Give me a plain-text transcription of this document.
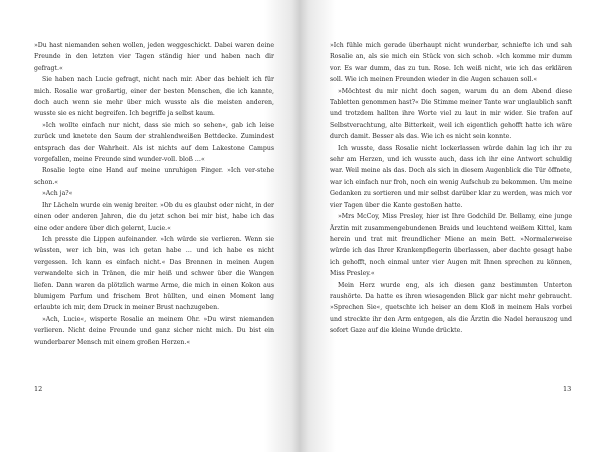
»Du hast niemanden sehen wollen, jeden weggeschickt. Dabei waren deine Freunde in den letzten vier Tagen ständig hier und haben nach dir gefragt.«

Sie haben nach Lucie gefragt, nicht nach mir. Aber das behielt ich für mich. Rosalie war großartig, einer der besten Menschen, die ich kannte, doch auch wenn sie mehr über mich wusste als die meisten anderen, wusste sie es nicht begreifen. Ich begriffe ja selbst kaum.

»Ich wollte einfach nur nicht, dass sie mich so sehen«, gab ich leise zurück und knetete den Saum der strahlendweißen Bettdecke. Zumindest entsprach das der Wahrheit. Als ist nichts auf dem Lakestone Campus vorgefallen, meine Freunde sind wunder-voll. bloß …«

Rosalie legte eine Hand auf meine unruhigen Finger. »Ich ver-stehe schon.«

»Ach ja?«

Ihr Lächeln wurde ein wenig breiter. »Ob du es glaubst oder nicht, in der einen oder anderen Jahren, die du jetzt schon bei mir bist, habe ich das eine oder andere über dich gelernt, Lucie.«

Ich presste die Lippen aufeinander. »Ich würde sie verlieren. Wenn sie wüssten, wer ich bin, was ich getan habe … und ich habe es nicht vergessen. Ich kann es einfach nicht.« Das Brennen in meinen Augen verwandelte sich in Tränen, die mir heiß und schwer über die Wangen liefen. Dann waren da plötzlich warme Arme, die mich in einen Kokon aus blumigem Parfum und frischem Brot hüllten, und einen Moment lang erlaubte ich mir, dem Druck in meiner Brust nachzugeben.

»Ach, Lucie«, wisperte Rosalie an meinem Ohr. »Du wirst niemanden verlieren. Nicht deine Freunde und ganz sicher nicht mich. Du bist ein wunderbarer Mensch mit einem großen Herzen.«

12

»Ich fühle mich gerade überhaupt nicht wunderbar, schniefte ich und sah Rosalie an, als sie mich ein Stück von sich schob. »Ich komme mir dumm vor. Es war dumm, das zu tun. Rose. Ich weiß nicht, wie ich das erklären soll. Wie ich meinen Freunden wieder in die Augen schauen soll.«

»Möchtest du mir nicht doch sagen, warum du an dem Abend diese Tabletten genommen hast?« Die Stimme meiner Tante war unglaublich sanft und trotzdem hallten ihre Worte viel zu laut in mir wider. Sie trafen auf Selbstverachtung, alte Bitterkeit, weil ich eigentlich gehofft hatte ich wäre durch damit. Besser als das. Wie ich es nicht sein konnte.

Ich wusste, dass Rosalie nicht lockerlassen würde dahin lag ich ihr zu sehr am Herzen, und ich wusste auch, dass ich ihr eine Antwort schuldig war. Weil meine als das. Doch als sich in diesem Augenblick die Tür öffnete, war ich einfach nur froh, noch ein wenig Aufschub zu bekommen. Um meine Gedanken zu sortieren und mir selbst darüber klar zu werden, was mich vor vier Tagen über die Kante gestoßen hatte.

»Mrs McCoy, Miss Presley, hier ist Ihre Godchild Dr. Bellamy, eine junge Ärztin mit zusammengebundenen Braids und leuchtend weißem Kittel, kam herein und trat mit freundlicher Miene an mein Bett. »Normalerweise würde ich das Ihrer Krankenpflegerin überlassen, aber dachte gesagt habe ich gehofft, noch einmal unter vier Augen mit Ihnen sprechen zu können, Miss Presley.«

Mein Herz wurde eng, als ich diesen ganz bestimmten Unterton raushörte. Da hatte es ihren wiesagenden Blick gar nicht mehr gebraucht. »Sprechen Sie«, quetschte ich heiser an dem Kloß in meinem Hals vorbei und streckte ihr den Arm entgegen, als die Ärztin die Nadel herauszog und sofort Gaze auf die kleine Wunde drückte.

13
